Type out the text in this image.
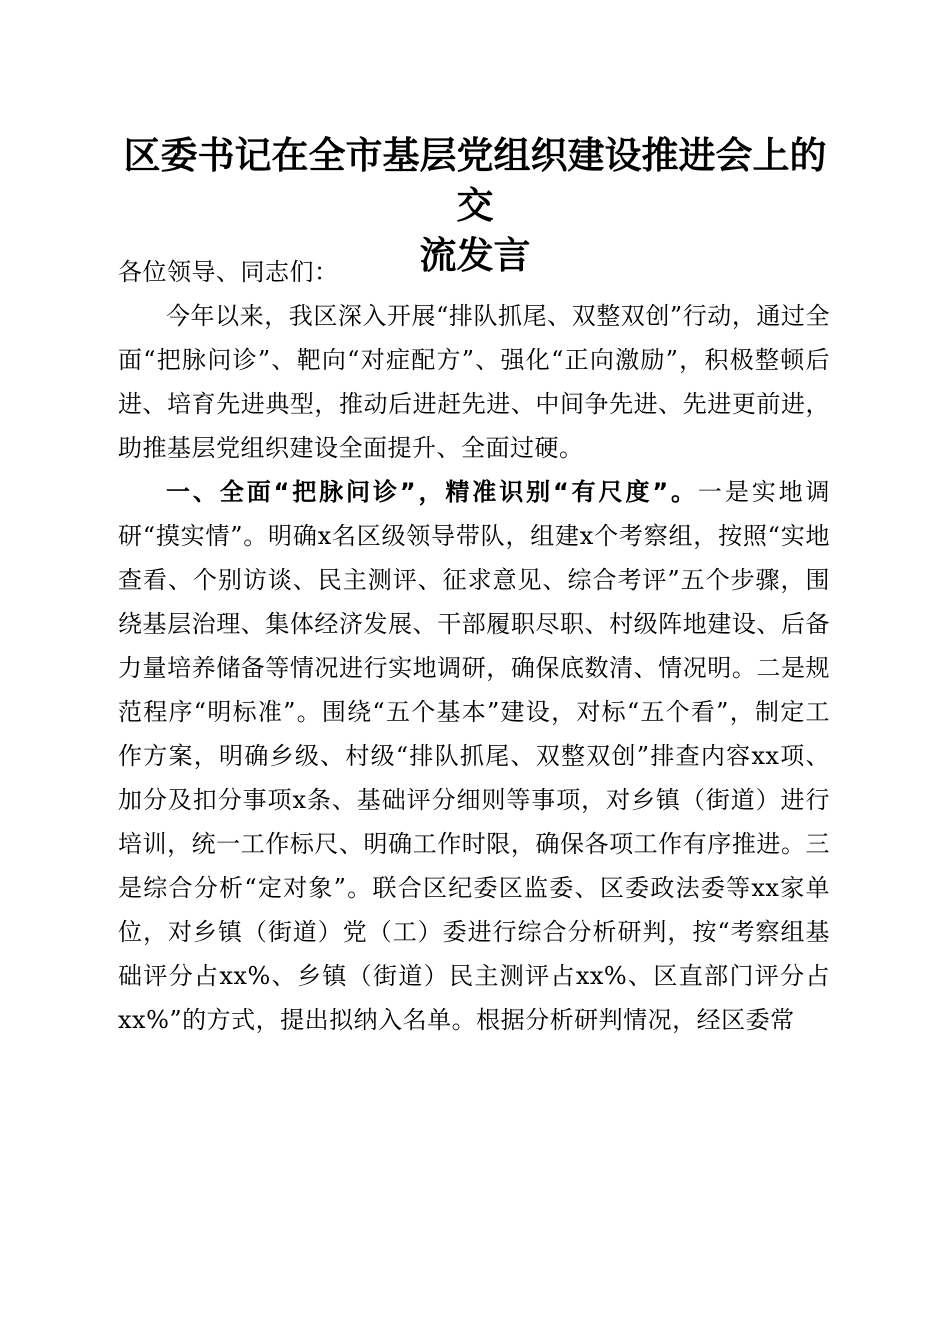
区委书记在全市基层党组织建设推进会上的交
流发言

各位领导、同志们：

今年以来，我区深入开展“排队抓尾、双整双创”行动，通过全面“把脉问诊”、靶向“对症配方”、强化“正向激励”，积极整顿后进、培育先进典型，推动后进赶先进、中间争先进、先进更前进，助推基层党组织建设全面提升、全面过硬。

一、全面“把脉问诊”，精准识别“有尺度”。一是实地调研“摸实情”。明确x名区级领导带队，组建x个考察组，按照“实地查看、个别访谈、民主测评、征求意见、综合考评”五个步骤，围绕基层治理、集体经济发展、干部履职尽职、村级阵地建设、后备力量培养储备等情况进行实地调研，确保底数清、情况明。二是规范程序“明标准”。围绕“五个基本”建设，对标“五个看”，制定工作方案，明确乡级、村级“排队抓尾、双整双创”排查内容xx项、加分及扣分事项x条、基础评分细则等事项，对乡镇（街道）进行培训，统一工作标尺、明确工作时限，确保各项工作有序推进。三是综合分析“定对象”。联合区纪委区监委、区委政法委等xx家单位，对乡镇（街道）党（工）委进行综合分析研判，按“考察组基础评分占xx%、乡镇（街道）民主测评占xx%、区直部门评分占xx%”的方式，提出拟纳入名单。根据分析研判情况，经区委常
